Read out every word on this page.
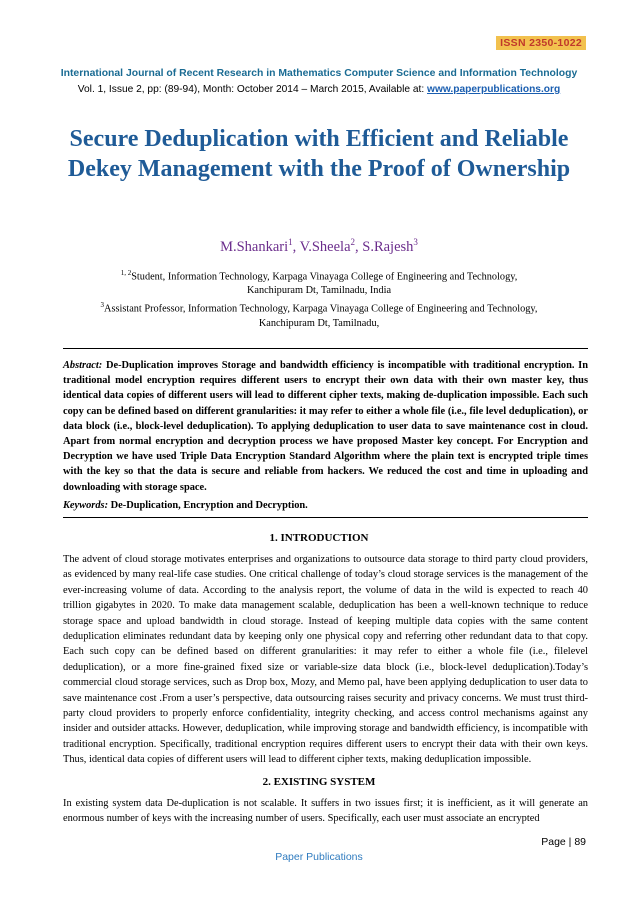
ISSN 2350-1022
International Journal of Recent Research in Mathematics Computer Science and Information Technology
Vol. 1, Issue 2, pp: (89-94), Month: October 2014 – March 2015, Available at: www.paperpublications.org
Secure Deduplication with Efficient and Reliable Dekey Management with the Proof of Ownership
M.Shankari$^1$, V.Sheela$^2$, S.Rajesh$^3$
$^{1, 2}$Student, Information Technology, Karpaga Vinayaga College of Engineering and Technology,
Kanchipuram Dt, Tamilnadu, India
$^3$Assistant Professor, Information Technology, Karpaga Vinayaga College of Engineering and Technology,
Kanchipuram Dt, Tamilnadu,
Abstract: De-Duplication improves Storage and bandwidth efficiency is incompatible with traditional encryption. In traditional model encryption requires different users to encrypt their own data with their own master key, thus identical data copies of different users will lead to different cipher texts, making de-duplication impossible. Each such copy can be defined based on different granularities: it may refer to either a whole file (i.e., file level deduplication), or data block (i.e., block-level deduplication). To applying deduplication to user data to save maintenance cost in cloud. Apart from normal encryption and decryption process we have proposed Master key concept. For Encryption and Decryption we have used Triple Data Encryption Standard Algorithm where the plain text is encrypted triple times with the key so that the data is secure and reliable from hackers. We reduced the cost and time in uploading and downloading with storage space.
Keywords: De-Duplication, Encryption and Decryption.
1. INTRODUCTION
The advent of cloud storage motivates enterprises and organizations to outsource data storage to third party cloud providers, as evidenced by many real-life case studies. One critical challenge of today’s cloud storage services is the management of the ever-increasing volume of data. According to the analysis report, the volume of data in the wild is expected to reach 40 trillion gigabytes in 2020. To make data management scalable, deduplication has been a well-known technique to reduce storage space and upload bandwidth in cloud storage. Instead of keeping multiple data copies with the same content deduplication eliminates redundant data by keeping only one physical copy and referring other redundant data to that copy. Each such copy can be defined based on different granularities: it may refer to either a whole file (i.e., filelevel deduplication), or a more fine-grained fixed size or variable-size data block (i.e., block-level deduplication).Today’s commercial cloud storage services, such as Drop box, Mozy, and Memo pal, have been applying deduplication to user data to save maintenance cost .From a user’s perspective, data outsourcing raises security and privacy concerns. We must trust third-party cloud providers to properly enforce confidentiality, integrity checking, and access control mechanisms against any insider and outsider attacks. However, deduplication, while improving storage and bandwidth efficiency, is incompatible with traditional encryption. Specifically, traditional encryption requires different users to encrypt their data with their own keys. Thus, identical data copies of different users will lead to different cipher texts, making deduplication impossible.
2. EXISTING SYSTEM
In existing system data De-duplication is not scalable. It suffers in two issues first; it is inefficient, as it will generate an enormous number of keys with the increasing number of users. Specifically, each user must associate an encrypted
Page | 89
Paper Publications
